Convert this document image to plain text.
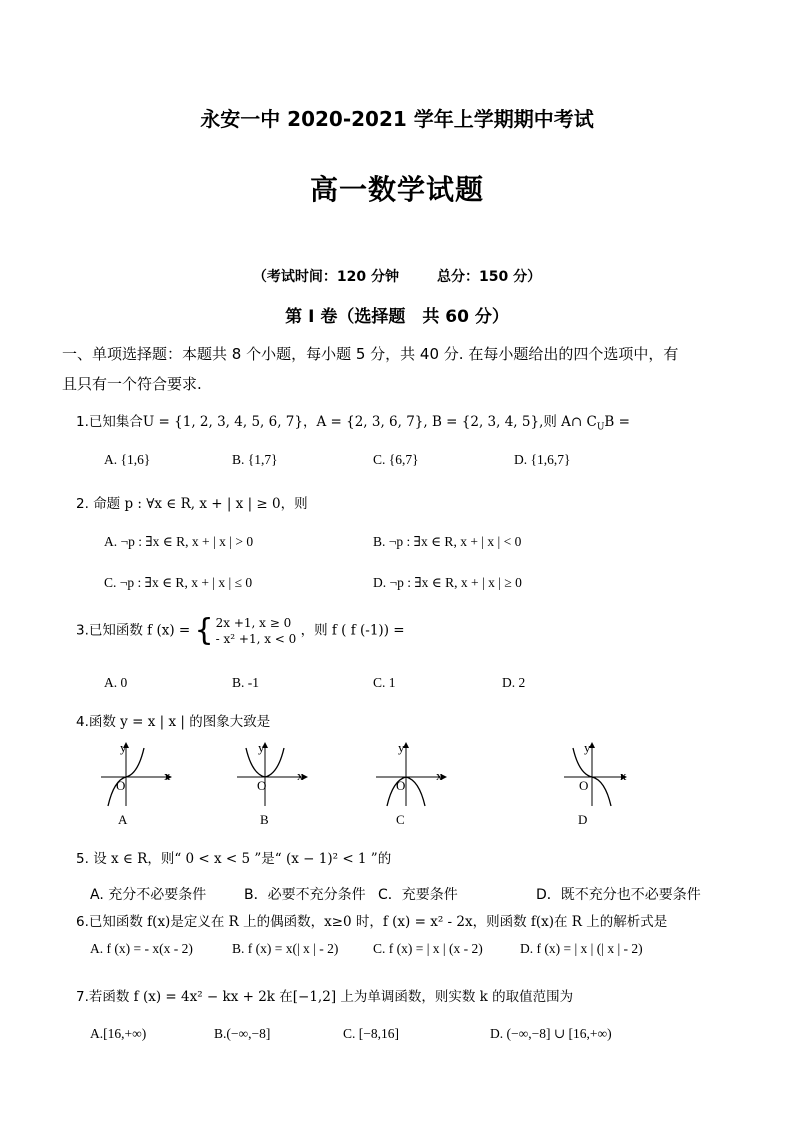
永安一中 2020-2021 学年上学期期中考试
高一数学试题
（考试时间：120 分钟	总分：150 分）
第 I 卷（选择题　共 60 分）
一、单项选择题：本题共 8 个小题，每小题 5 分，共 40 分. 在每小题给出的四个选项中，有
且只有一个符合要求.
1.已知集合U = {1, 2, 3, 4, 5, 6, 7}，A = {2, 3, 6, 7}, B = {2, 3, 4, 5},则 A∩ $C_UB$ =
A. {1,6}	B. {1,7}	C. {6,7}	D. {1,6,7}
2. 命题 p : ∀x ∈ R, x + | x | ≥ 0，则
A. ¬p : ∃x ∈ R, x + | x | > 0	B. ¬p : ∃x ∈ R, x + | x | < 0
C. ¬p : ∃x ∈ R, x + | x | ≤ 0	D. ¬p : ∃x ∈ R, x + | x | ≥ 0
3.已知函数 f (x) = { 2x +1, x ≥ 0
- x² +1, x < 0 ，则 f ( f (-1)) =
A. 0	B. -1	C. 1	D. 2
4.函数 y = x | x | 的图象大致是
y
x
O
A
y
x
O
B
y
x
O
C
y
x
O
D
5. 设 x ∈ R，则“ 0 < x < 5 ”是“ (x − 1)² < 1 ”的
A. 充分不必要条件	B．必要不充分条件 C．充要条件	D．既不充分也不必要条件
6.已知函数 f(x)是定义在 R 上的偶函数，x≥0 时，f (x) = x² - 2x，则函数 f(x)在 R 上的解析式是
A. f (x) = - x(x - 2)	B. f (x) = x(| x | - 2)	C. f (x) = | x | (x - 2)	D. f (x) = | x | (| x | - 2)
7.若函数 f (x) = 4x² − kx + 2k 在[−1,2] 上为单调函数，则实数 k 的取值范围为
A.[16,+∞)	B.(−∞,−8]	C. [−8,16]	D. (−∞,−8] ∪ [16,+∞)
